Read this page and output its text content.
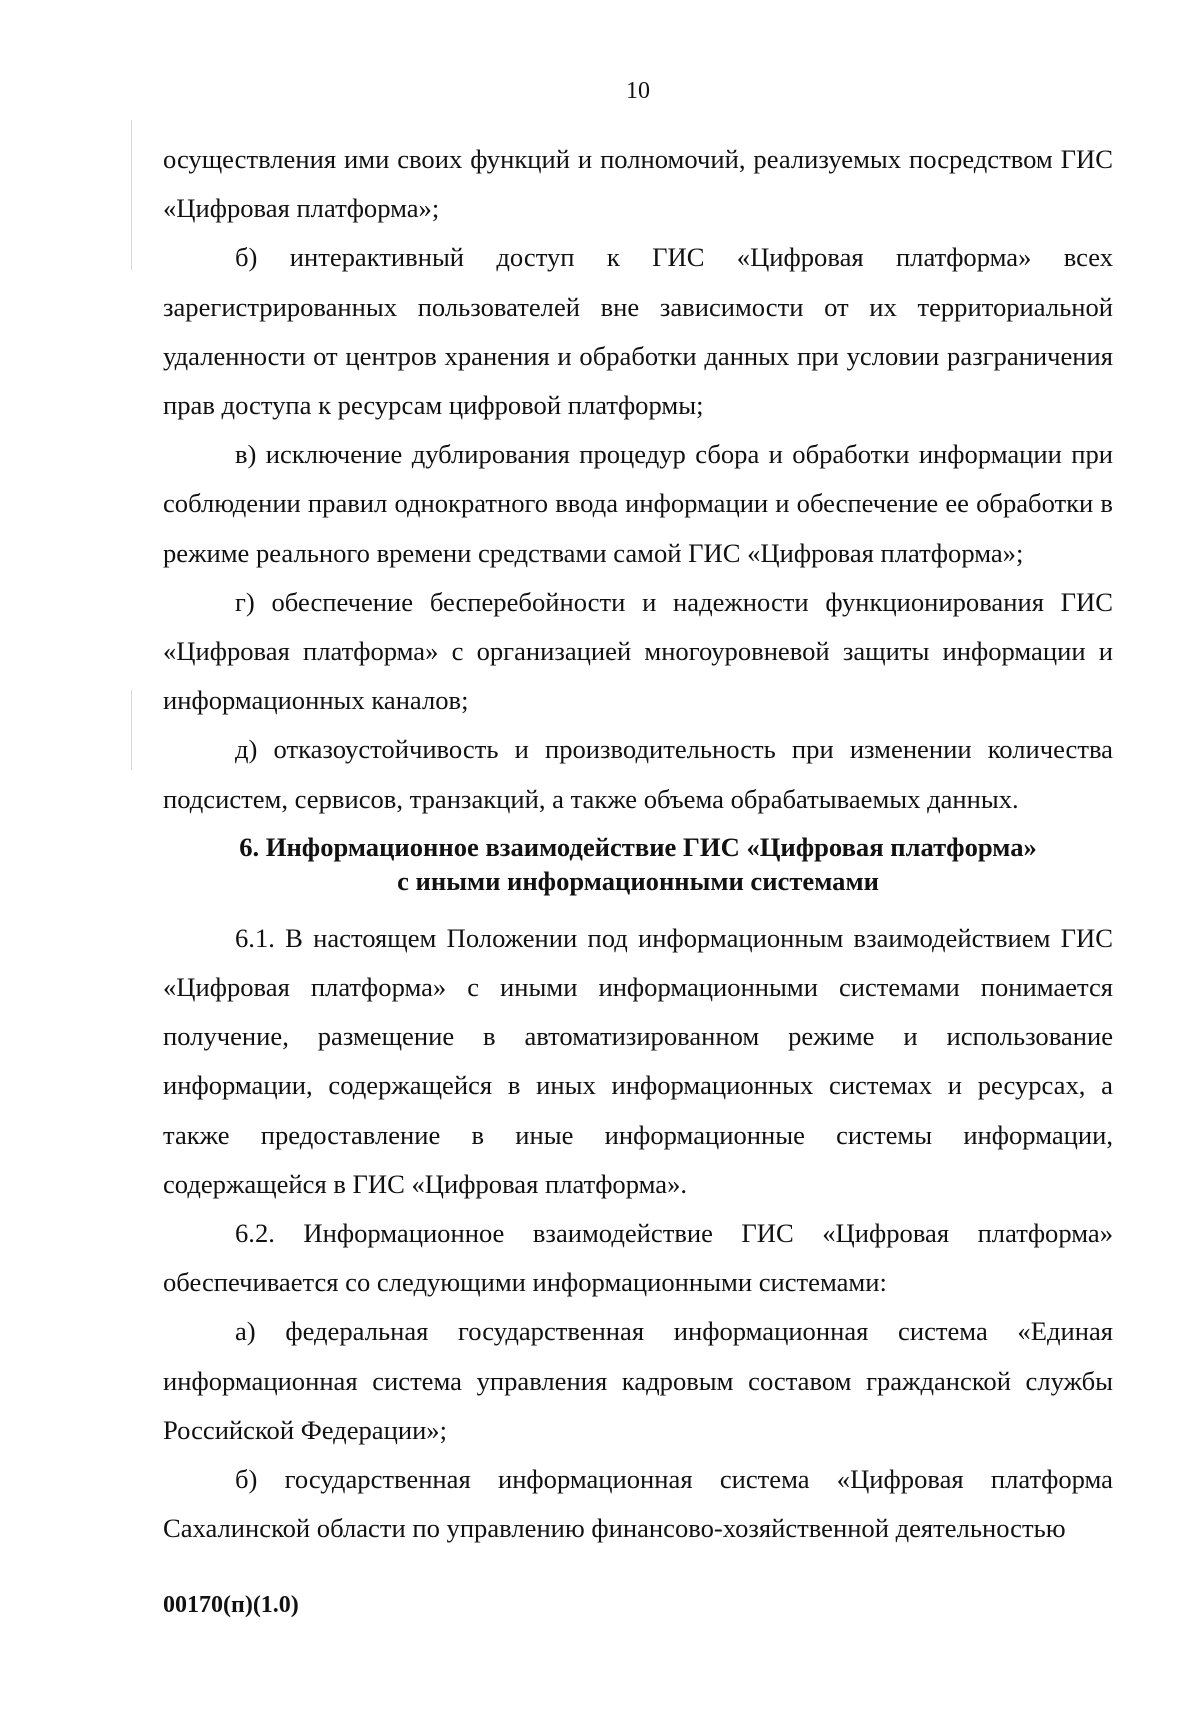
10

осуществления ими своих функций и полномочий, реализуемых посредством ГИС «Цифровая платформа»;

б) интерактивный доступ к ГИС «Цифровая платформа» всех зарегистрированных пользователей вне зависимости от их территориальной удаленности от центров хранения и обработки данных при условии разграничения прав доступа к ресурсам цифровой платформы;

в) исключение дублирования процедур сбора и обработки информации при соблюдении правил однократного ввода информации и обеспечение ее обработки в режиме реального времени средствами самой ГИС «Цифровая платформа»;

г) обеспечение бесперебойности и надежности функционирования ГИС «Цифровая платформа» с организацией многоуровневой защиты информации и информационных каналов;

д) отказоустойчивость и производительность при изменении количества подсистем, сервисов, транзакций, а также объема обрабатываемых данных.

6. Информационное взаимодействие ГИС «Цифровая платформа»
с иными информационными системами

6.1. В настоящем Положении под информационным взаимодействием ГИС «Цифровая платформа» с иными информационными системами понимается получение, размещение в автоматизированном режиме и использование информации, содержащейся в иных информационных системах и ресурсах, а также предоставление в иные информационные системы информации, содержащейся в ГИС «Цифровая платформа».

6.2. Информационное взаимодействие ГИС «Цифровая платформа» обеспечивается со следующими информационными системами:

а) федеральная государственная информационная система «Единая информационная система управления кадровым составом гражданской службы Российской Федерации»;

б) государственная информационная система «Цифровая платформа Сахалинской области по управлению финансово-хозяйственной деятельностью

00170(п)(1.0)
